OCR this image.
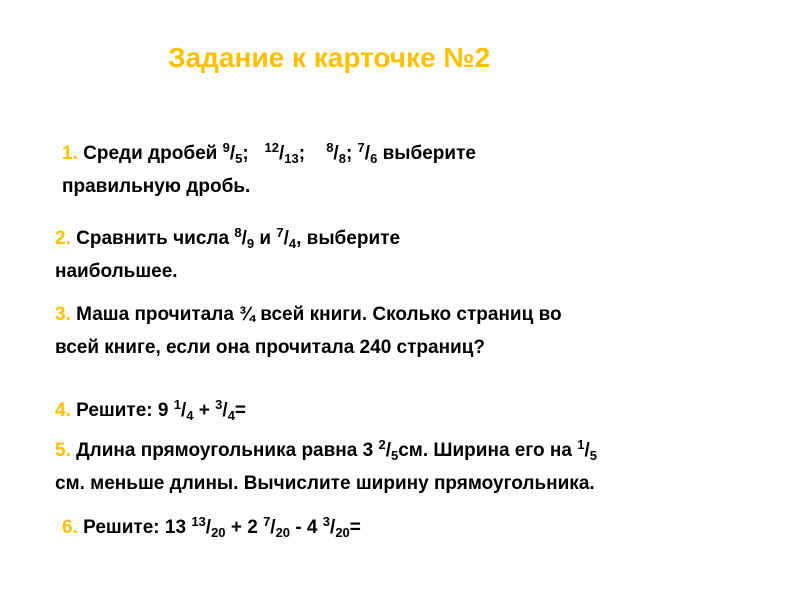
Задание к карточке №2
1. Среди дробей $^9/_5$;   $^{12}/_{13}$;    $^8/_8$; $^7/_6$ выберите
правильную дробь.
2. Сравнить числа $^8/_9$ и $^7/_4$, выберите
наибольшее.
3. Маша прочитала ¾ всей книги. Сколько страниц во
всей книге, если она прочитала 240 страниц?
4. Решите: 9 $^1/_4 + ^3/_4=$
5. Длина прямоугольника равна 3 $^2/_5см$. Ширина его на $^1/_5$
см. меньше длины. Вычислите ширину прямоугольника.
6. Решите: 13 $^{13}/_{20} + 2$ $^7/_{20} - 4$ $^3/_{20}=$
